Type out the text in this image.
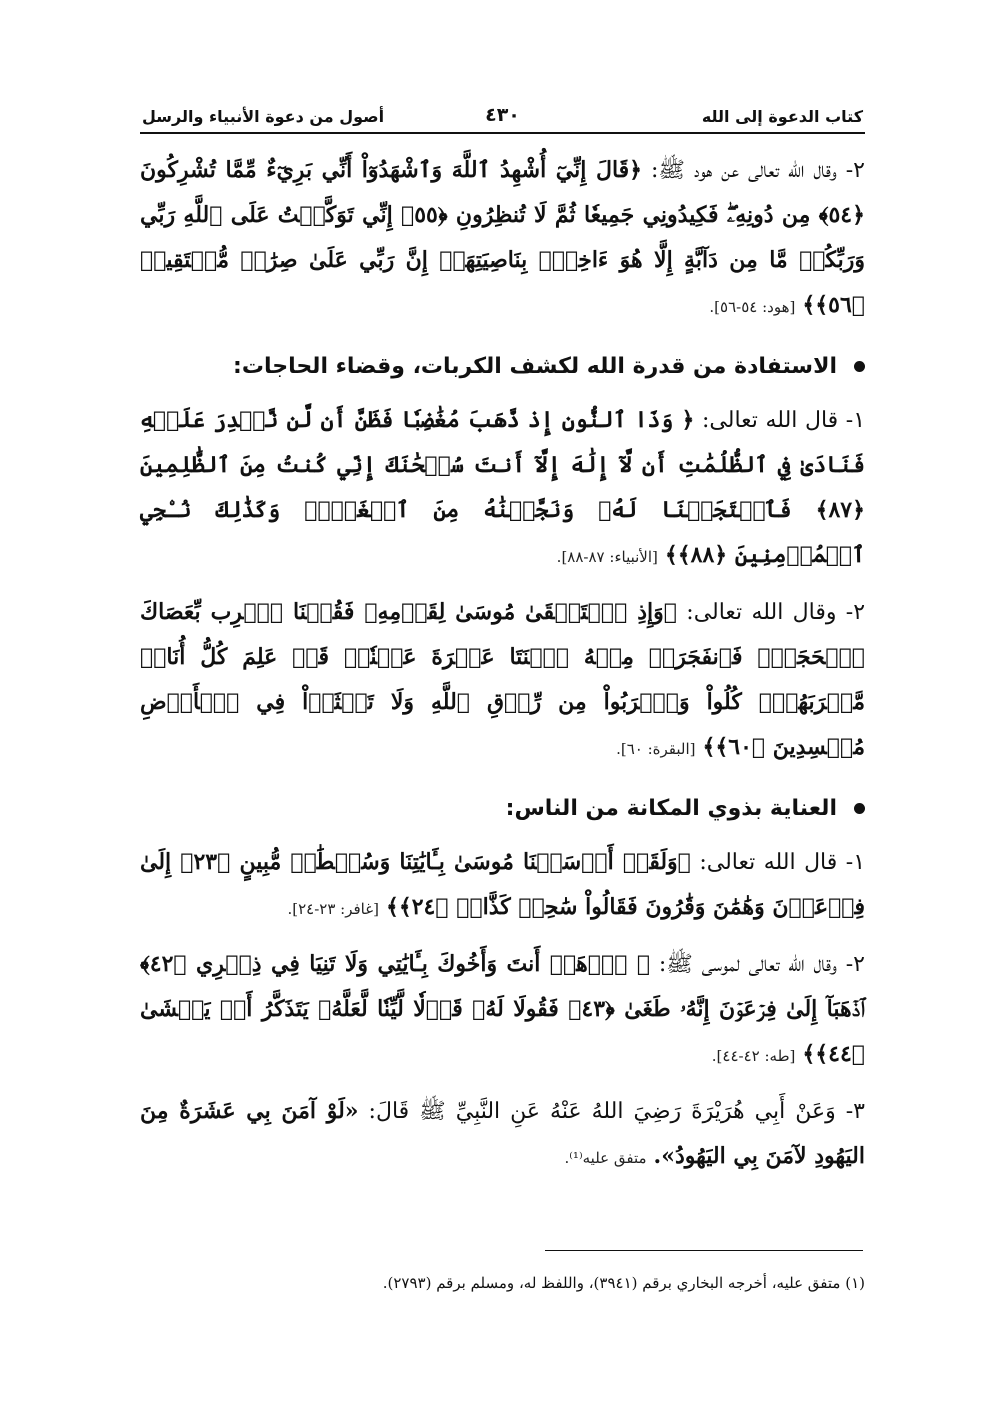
كتاب الدعوة إلى الله
٤٣٠
أصول من دعوة الأنبياء والرسل

٢- وقال الله تعالى عن هود ﷺ: ﴿قَالَ إِنِّيٓ أُشْهِدُ ٱللَّهَ وَٱشْهَدُوٓاْ أَنِّي بَرِيٓءٌ مِّمَّا تُشْرِكُونَ ﴿٥٤﴾ مِن دُونِهِۦۖ فَكِيدُونِي جَمِيعٗا ثُمَّ لَا تُنظِرُونِ ﴿٥٥﴾ إِنِّي تَوَكَّلۡتُ عَلَى ٱللَّهِ رَبِّي وَرَبِّكُمۚ مَّا مِن دَآبَّةٍ إِلَّا هُوَ ءَاخِذُۢ بِنَاصِيَتِهَآۚ إِنَّ رَبِّي عَلَىٰ صِرَٰطٖ مُّسۡتَقِيمٖ ﴿٥٦﴾﴾ [هود: ٥٤-٥٦].

الاستفادة من قدرة الله لكشف الكربات، وقضاء الحاجات:

١- قال الله تعالى: ﴿ وَذَا ٱلنُّونِ إِذ ذَّهَبَ مُغَٰضِبٗا فَظَنَّ أَن لَّن نَّقۡدِرَ عَلَيۡهِ فَنَادَىٰ فِي ٱلظُّلُمَٰتِ أَن لَّآ إِلَٰهَ إِلَّآ أَنتَ سُبۡحَٰنَكَ إِنِّي كُنتُ مِنَ ٱلظَّٰلِمِينَ ﴿٨٧﴾ فَٱسۡتَجَبۡنَا لَهُۥ وَنَجَّيۡنَٰهُ مِنَ ٱلۡغَمِّۚ وَكَذَٰلِكَ نُـۨجِي ٱلۡمُؤۡمِنِينَ ﴿٨٨﴾﴾ [الأنبياء: ٨٧-٨٨].

٢- وقال الله تعالى: ﴿وَإِذِ ٱسۡتَسۡقَىٰ مُوسَىٰ لِقَوۡمِهِۦ فَقُلۡنَا ٱضۡرِب بِّعَصَاكَ ٱلۡحَجَرَۖ فَٱنفَجَرَتۡ مِنۡهُ ٱثۡنَتَا عَشۡرَةَ عَيۡنٗاۖ قَدۡ عَلِمَ كُلُّ أُنَاسٖ مَّشۡرَبَهُمۡۖ كُلُواْ وَٱشۡرَبُواْ مِن رِّزۡقِ ٱللَّهِ وَلَا تَعۡثَوۡاْ فِي ٱلۡأَرۡضِ مُفۡسِدِينَ ﴿٦٠﴾﴾ [البقرة: ٦٠].

العناية بذوي المكانة من الناس:

١- قال الله تعالى: ﴿وَلَقَدۡ أَرۡسَلۡنَا مُوسَىٰ بِـَٔايَٰتِنَا وَسُلۡطَٰنٖ مُّبِينٍ ﴿٢٣﴾ إِلَىٰ فِرۡعَوۡنَ وَهَٰمَٰنَ وَقَٰرُونَ فَقَالُواْ سَٰحِرٞ كَذَّابٞ ﴿٢٤﴾﴾ [غافر: ٢٣-٢٤].

٢- وقال الله تعالى لموسى ﷺ: ﴿ ٱذۡهَبۡ أَنتَ وَأَخُوكَ بِـَٔايَٰتِي وَلَا تَنِيَا فِي ذِكۡرِي ﴿٤٢﴾ ٱذۡهَبَآ إِلَىٰ فِرۡعَوۡنَ إِنَّهُۥ طَغَىٰ ﴿٤٣﴾ فَقُولَا لَهُۥ قَوۡلٗا لَّيِّنٗا لَّعَلَّهُۥ يَتَذَكَّرُ أَوۡ يَخۡشَىٰ ﴿٤٤﴾﴾ [طه: ٤٢-٤٤].

٣- وَعَنْ أَبِي هُرَيْرَةَ رَضِيَ اللهُ عَنْهُ عَنِ النَّبِيِّ ﷺ قَالَ: «لَوْ آمَنَ بِي عَشَرَةٌ مِنَ اليَهُودِ لآمَنَ بِي اليَهُودُ». متفق عليه⁽¹⁾.

(١) متفق عليه، أخرجه البخاري برقم (٣٩٤١)، واللفظ له، ومسلم برقم (٢٧٩٣).
